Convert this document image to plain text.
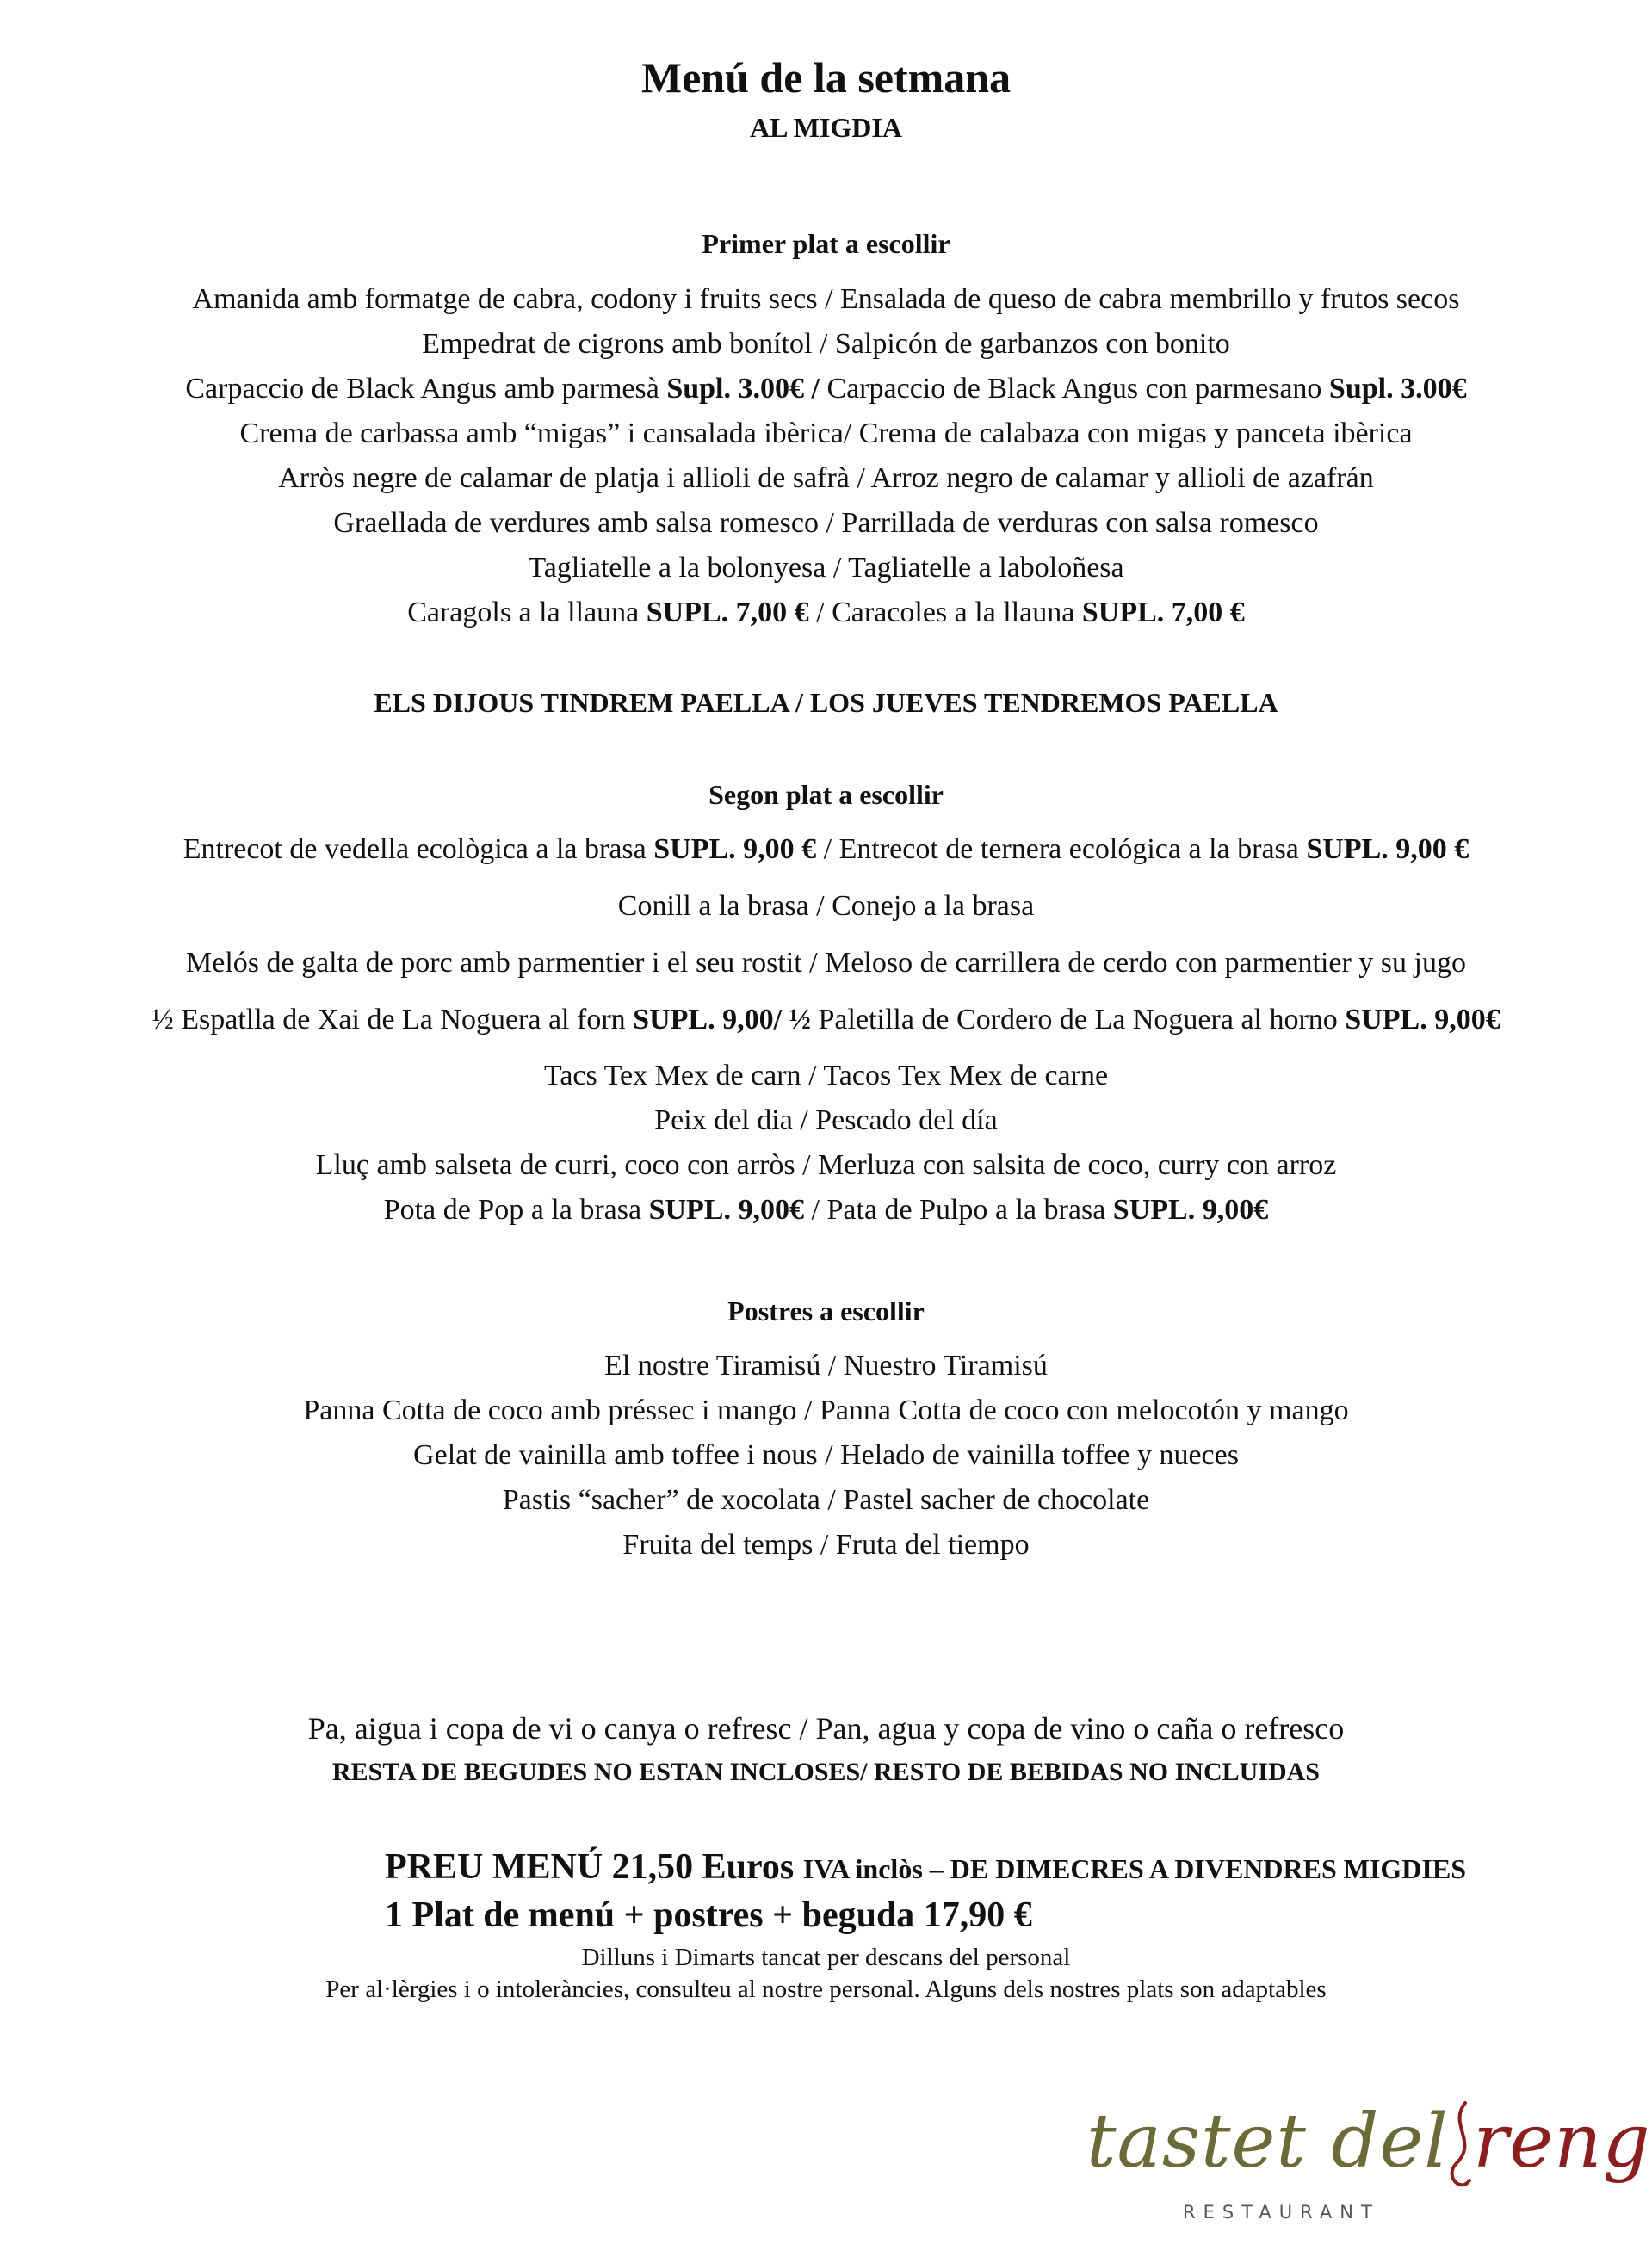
Menú de la setmana
AL MIGDIA
Primer plat a escollir
Amanida amb formatge de cabra, codony i fruits secs / Ensalada de queso de cabra membrillo y frutos secos
Empedrat de cigrons amb bonítol / Salpicón de garbanzos con bonito
Carpaccio de Black Angus amb parmesà Supl. 3.00€ / Carpaccio de Black Angus con parmesano Supl. 3.00€
Crema de carbassa amb “migas” i cansalada ibèrica/ Crema de calabaza con migas y panceta ibèrica
Arròs negre de calamar de platja i allioli de safrà / Arroz negro de calamar y allioli de azafrán
Graellada de verdures amb salsa romesco / Parrillada de verduras con salsa romesco
Tagliatelle a la bolonyesa / Tagliatelle a laboloñesa
Caragols a la llauna SUPL. 7,00 € / Caracoles a la llauna SUPL. 7,00 €
ELS DIJOUS TINDREM PAELLA / LOS JUEVES TENDREMOS PAELLA
Segon plat a escollir
Entrecot de vedella ecològica a la brasa SUPL. 9,00 € / Entrecot de ternera ecológica a la brasa SUPL. 9,00 €
Conill a la brasa / Conejo a la brasa
Melós de galta de porc amb parmentier i el seu rostit / Meloso de carrillera de cerdo con parmentier y su jugo
½ Espatlla de Xai de La Noguera al forn SUPL. 9,00/ ½ Paletilla de Cordero de La Noguera al horno SUPL. 9,00€
Tacs Tex Mex de carn / Tacos Tex Mex de carne
Peix del dia / Pescado del día
Lluç amb salseta de curri, coco con arròs / Merluza con salsita de coco, curry con arroz
Pota de Pop a la brasa SUPL. 9,00€ / Pata de Pulpo a la brasa SUPL. 9,00€
Postres a escollir
El nostre Tiramisú / Nuestro Tiramisú
Panna Cotta de coco amb préssec i mango / Panna Cotta de coco con melocotón y mango
Gelat de vainilla amb toffee i nous / Helado de vainilla toffee y nueces
Pastis “sacher” de xocolata / Pastel sacher de chocolate
Fruita del temps / Fruta del tiempo
Pa, aigua i copa de vi o canya o refresc / Pan, agua y copa de vino o caña o refresco
RESTA DE BEGUDES NO ESTAN INCLOSES/ RESTO DE BEBIDAS NO INCLUIDAS
PREU MENÚ 21,50 Euros IVA inclòs – DE DIMECRES A DIVENDRES MIGDIES
1 Plat de menú + postres + beguda 17,90 €
Dilluns i Dimarts tancat per descans del personal
Per al·lèrgies i o intoleràncies, consulteu al nostre personal. Alguns dels nostres plats son adaptables
tastet del reng
RESTAURANT
